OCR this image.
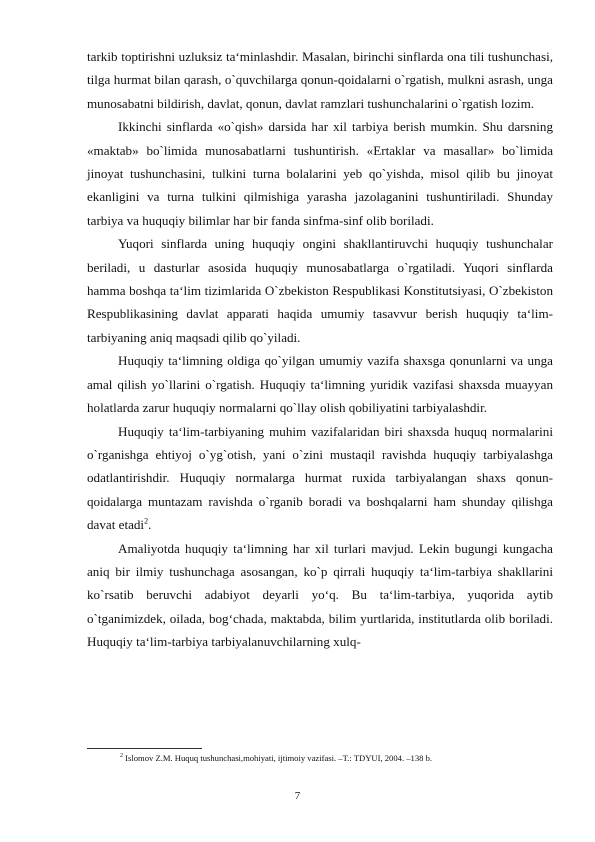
tarkib toptirishni uzluksiz ta‘minlashdir. Masalan, birinchi sinflarda ona tili tushunchasi, tilga hurmat bilan qarash, o`quvchilarga qonun-qoidalarni o`rgatish, mulkni asrash, unga munosabatni bildirish, davlat, qonun, davlat ramzlari tushunchalarini o`rgatish lozim.

Ikkinchi sinflarda «o`qish» darsida har xil tarbiya berish mumkin. Shu darsning «maktab» bo`limida munosabatlarni tushuntirish. «Ertaklar va masallar» bo`limida jinoyat tushunchasini, tulkini turna bolalarini yeb qo`yishda, misol qilib bu jinoyat ekanligini va turna tulkini qilmishiga yarasha jazolaganini tushuntiriladi. Shunday tarbiya va huquqiy bilimlar har bir fanda sinfma-sinf olib boriladi.

Yuqori sinflarda uning huquqiy ongini shakllantiruvchi huquqiy tushunchalar beriladi, u dasturlar asosida huquqiy munosabatlarga o`rgatiladi. Yuqori sinflarda hamma boshqa ta‘lim tizimlarida O`zbekiston Respublikasi Konstitutsiyasi, O`zbekiston Respublikasining davlat apparati haqida umumiy tasavvur berish huquqiy ta‘lim- tarbiyaning aniq maqsadi qilib qo`yiladi.

Huquqiy ta‘limning oldiga qo`yilgan umumiy vazifa shaxsga qonunlarni va unga amal qilish yo`llarini o`rgatish. Huquqiy ta‘limning yuridik vazifasi shaxsda muayyan holatlarda zarur huquqiy normalarni qo`llay olish qobiliyatini tarbiyalashdir.

Huquqiy ta‘lim-tarbiyaning muhim vazifalaridan biri shaxsda huquq normalarini o`rganishga ehtiyoj o`yg`otish, yani o`zini mustaqil ravishda huquqiy tarbiyalashga odatlantirishdir. Huquqiy normalarga hurmat ruxida tarbiyalangan shaxs qonun-qoidalarga muntazam ravishda o`rganib boradi va boshqalarni ham shunday qilishga davat etadi$^2$.

Amaliyotda huquqiy ta‘limning har xil turlari mavjud. Lekin bugungi kungacha aniq bir ilmiy tushunchaga asosangan, ko`p qirrali huquqiy ta‘lim-tarbiya shakllarini ko`rsatib beruvchi adabiyot deyarli yo‘q. Bu ta‘lim-tarbiya, yuqorida aytib o`tganimizdek, oilada, bog‘chada, maktabda, bilim yurtlarida, institutlarda olib boriladi. Huquqiy ta‘lim-tarbiya tarbiyalanuvchilarning xulq-

$^2$ Islomov Z.M. Huquq tushunchasi,mohiyati, ijtimoiy vazifasi. –T.: TDYUI, 2004. –138 b.
7
